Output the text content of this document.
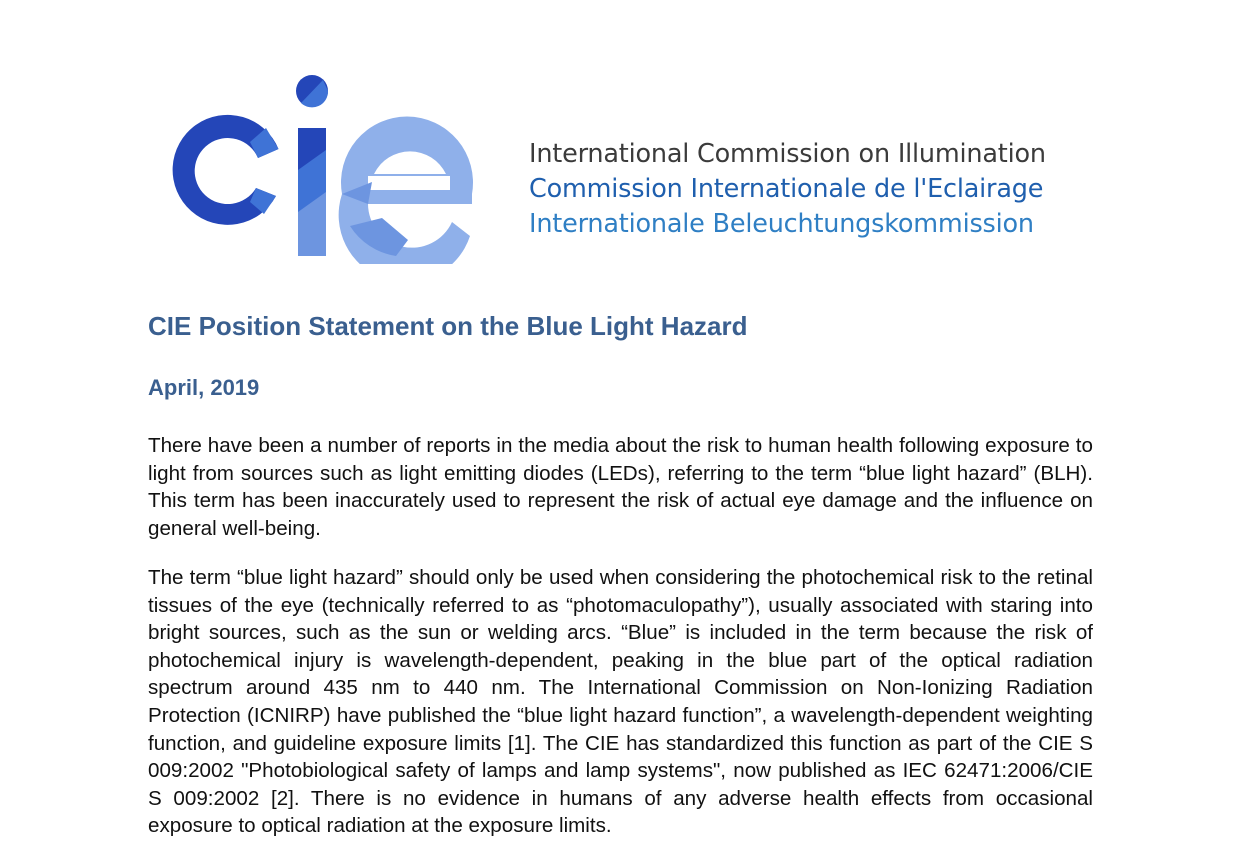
International Commission on Illumination
Commission Internationale de l'Eclairage
Internationale Beleuchtungskommission
CIE Position Statement on the Blue Light Hazard
April, 2019

There have been a number of reports in the media about the risk to human health following exposure to light from sources such as light emitting diodes (LEDs), referring to the term “blue light hazard” (BLH). This term has been inaccurately used to represent the risk of actual eye damage and the influence on general well-being.

The term “blue light hazard” should only be used when considering the photochemical risk to the retinal tissues of the eye (technically referred to as “photomaculopathy”), usually associated with staring into bright sources, such as the sun or welding arcs. “Blue” is included in the term because the risk of photochemical injury is wavelength-dependent, peaking in the blue part of the optical radiation spectrum around 435 nm to 440 nm. The International Commission on Non-Ionizing Radiation Protection (ICNIRP) have published the “blue light hazard function”, a wavelength-dependent weighting function, and guideline exposure limits [1]. The CIE has standardized this function as part of the CIE S 009:2002 "Photobiological safety of lamps and lamp systems", now published as IEC 62471:2006/CIE S 009:2002 [2]. There is no evidence in humans of any adverse health effects from occasional exposure to optical radiation at the exposure limits.
